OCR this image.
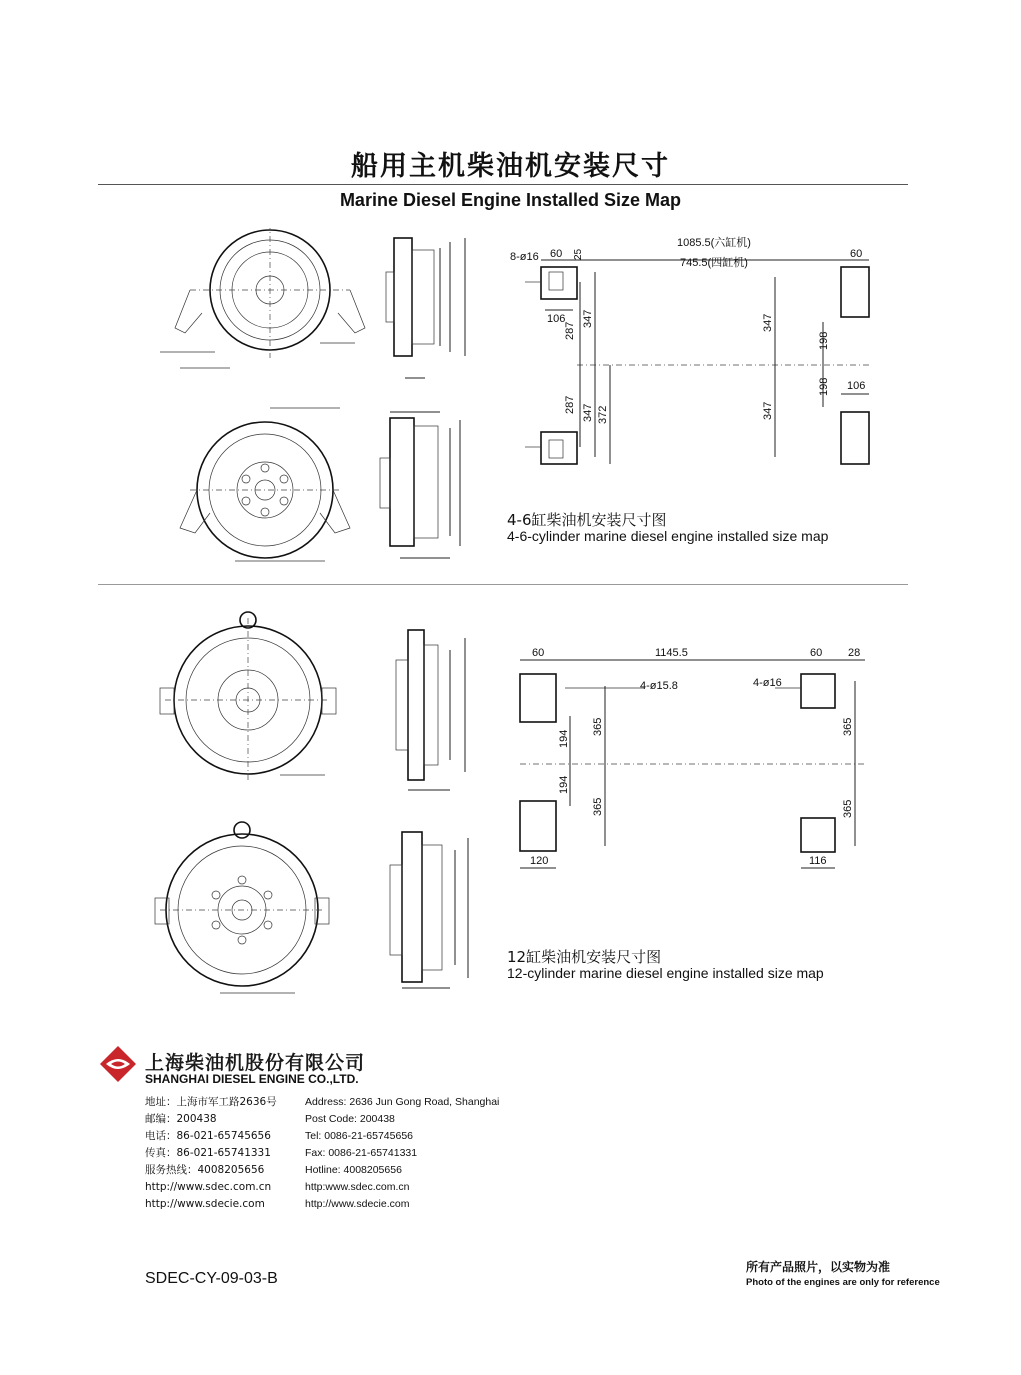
船用主机柴油机安装尺寸
Marine Diesel Engine Installed Size Map
8-ø16 60 25
1085.5(六缸机)
745.5(四缸机)
60
106
287
347
287 347 372
347
198
198 106
347
4-6缸柴油机安装尺寸图
4-6-cylinder marine diesel engine installed size map
60	1145.5	60 28
4-ø15.8	4-ø16
365
194
194
365
365
365
120	116
12缸柴油机安装尺寸图
12-cylinder marine diesel engine installed size map
上海柴油机股份有限公司
SHANGHAI DIESEL ENGINE CO.,LTD.
地址：上海市军工路2636号
邮编：200438
电话：86-021-65745656
传真：86-021-65741331
服务热线：4008205656
http://www.sdec.com.cn
http://www.sdecie.com
Address: 2636 Jun Gong Road, Shanghai
Post Code: 200438
Tel: 0086-21-65745656
Fax: 0086-21-65741331
Hotline: 4008205656
http:www.sdec.com.cn
http://www.sdecie.com
SDEC-CY-09-03-B
所有产品照片，以实物为准
Photo of the engines are only for reference
